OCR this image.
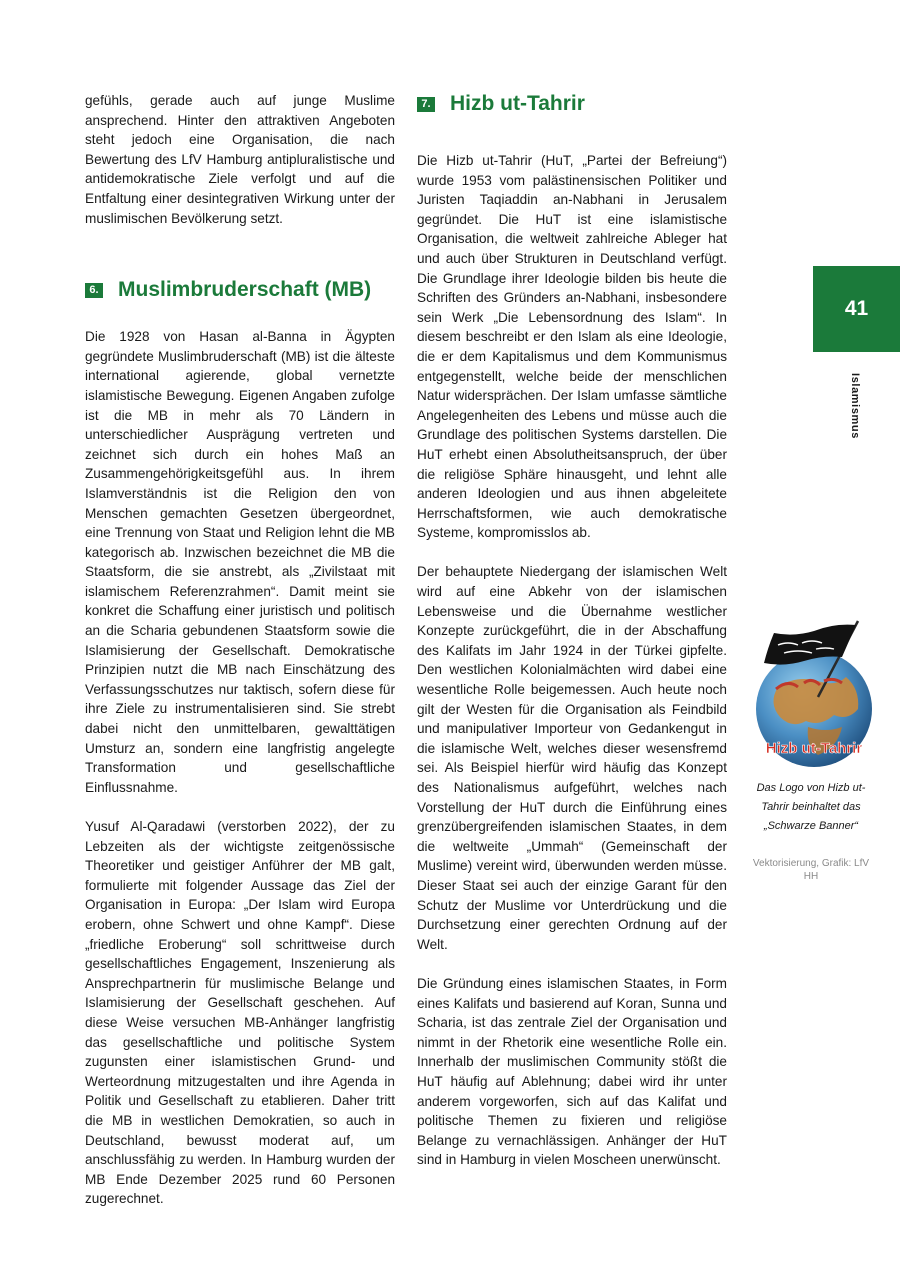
gefühls, gerade auch auf junge Muslime ansprechend. Hinter den attraktiven Angeboten steht jedoch eine Organisation, die nach Bewertung des LfV Hamburg antipluralistische und antidemokratische Ziele verfolgt und auf die Entfaltung einer desintegrativen Wirkung unter der muslimischen Bevölkerung setzt.

6. Muslimbruderschaft (MB)

Die 1928 von Hasan al-Banna in Ägypten gegründete Muslimbruderschaft (MB) ist die älteste international agierende, global vernetzte islamistische Bewegung. Eigenen Angaben zufolge ist die MB in mehr als 70 Ländern in unterschiedlicher Ausprägung vertreten und zeichnet sich durch ein hohes Maß an Zusammengehörigkeitsgefühl aus. In ihrem Islamverständnis ist die Religion den von Menschen gemachten Gesetzen übergeordnet, eine Trennung von Staat und Religion lehnt die MB kategorisch ab. Inzwischen bezeichnet die MB die Staatsform, die sie anstrebt, als „Zivilstaat mit islamischem Referenzrahmen“. Damit meint sie konkret die Schaffung einer juristisch und politisch an die Scharia gebundenen Staatsform sowie die Islamisierung der Gesellschaft. Demokratische Prinzipien nutzt die MB nach Einschätzung des Verfassungsschutzes nur taktisch, sofern diese für ihre Ziele zu instrumentalisieren sind. Sie strebt dabei nicht den unmittelbaren, gewalttätigen Umsturz an, sondern eine langfristig angelegte Transformation und gesellschaftliche Einflussnahme.

Yusuf Al-Qaradawi (verstorben 2022), der zu Lebzeiten als der wichtigste zeitgenössische Theoretiker und geistiger Anführer der MB galt, formulierte mit folgender Aussage das Ziel der Organisation in Europa: „Der Islam wird Europa erobern, ohne Schwert und ohne Kampf“. Diese „friedliche Eroberung“ soll schrittweise durch gesellschaftliches Engagement, Inszenierung als Ansprechpartnerin für muslimische Belange und Islamisierung der Gesellschaft geschehen. Auf diese Weise versuchen MB-Anhänger langfristig das gesellschaftliche und politische System zugunsten einer islamistischen Grund- und Werteordnung mitzugestalten und ihre Agenda in Politik und Gesellschaft zu etablieren. Daher tritt die MB in westlichen Demokratien, so auch in Deutschland, bewusst moderat auf, um anschlussfähig zu werden. In Hamburg wurden der MB Ende Dezember 2025 rund 60 Personen zugerechnet.

7. Hizb ut-Tahrir

Die Hizb ut-Tahrir (HuT, „Partei der Befreiung“) wurde 1953 vom palästinensischen Politiker und Juristen Taqiaddin an-Nabhani in Jerusalem gegründet. Die HuT ist eine islamistische Organisation, die weltweit zahlreiche Ableger hat und auch über Strukturen in Deutschland verfügt. Die Grundlage ihrer Ideologie bilden bis heute die Schriften des Gründers an-Nabhani, insbesondere sein Werk „Die Lebensordnung des Islam“. In diesem beschreibt er den Islam als eine Ideologie, die er dem Kapitalismus und dem Kommunismus entgegenstellt, welche beide der menschlichen Natur widersprächen. Der Islam umfasse sämtliche Angelegenheiten des Lebens und müsse auch die Grundlage des politischen Systems darstellen. Die HuT erhebt einen Absolutheitsanspruch, der über die religiöse Sphäre hinausgeht, und lehnt alle anderen Ideologien und aus ihnen abgeleitete Herrschaftsformen, wie auch demokratische Systeme, kompromisslos ab.

Der behauptete Niedergang der islamischen Welt wird auf eine Abkehr von der islamischen Lebensweise und die Übernahme westlicher Konzepte zurückgeführt, die in der Abschaffung des Kalifats im Jahr 1924 in der Türkei gipfelte. Den westlichen Kolonialmächten wird dabei eine wesentliche Rolle beigemessen. Auch heute noch gilt der Westen für die Organisation als Feindbild und manipulativer Importeur von Gedankengut in die islamische Welt, welches dieser wesensfremd sei. Als Beispiel hierfür wird häufig das Konzept des Nationalismus aufgeführt, welches nach Vorstellung der HuT durch die Einführung eines grenzübergreifenden islamischen Staates, in dem die weltweite „Ummah“ (Gemeinschaft der Muslime) vereint wird, überwunden werden müsse. Dieser Staat sei auch der einzige Garant für den Schutz der Muslime vor Unterdrückung und die Durchsetzung einer gerechten Ordnung auf der Welt.

Die Gründung eines islamischen Staates, in Form eines Kalifats und basierend auf Koran, Sunna und Scharia, ist das zentrale Ziel der Organisation und nimmt in der Rhetorik eine wesentliche Rolle ein. Innerhalb der muslimischen Community stößt die HuT häufig auf Ablehnung; dabei wird ihr unter anderem vorgeworfen, sich auf das Kalifat und politische Themen zu fixieren und religiöse Belange zu vernachlässigen. Anhänger der HuT sind in Hamburg in vielen Moscheen unerwünscht.

41
Islamismus
Hizb ut-Tahrir
Das Logo von Hizb ut-Tahrir beinhaltet das „Schwarze Banner“
Vektorisierung, Grafik: LfV HH
